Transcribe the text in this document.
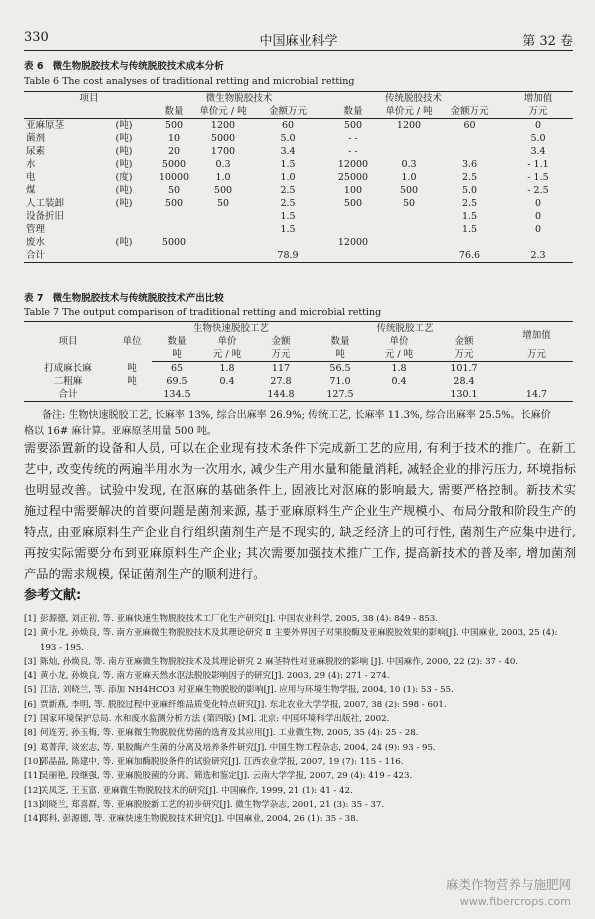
330	中国麻业科学	第 32 卷
表 6 微生物脱胶技术与传统脱胶技术成本分析
Table 6 The cost analyses of traditional retting and microbial retting
项目		微生物脱胶技术			传统脱胶技术			增加值
		数量	单价元 / 吨	金额万元	数量	单价元 / 吨	金额万元	万元
亚麻原茎	(吨)	500	1200	60	500	1200	60	0
菌剂	(吨)	10	5000	5.0	- -			5.0
尿素	(吨)	20	1700	3.4	- -			3.4
水	(吨)	5000	0.3	1.5	12000	0.3	3.6	- 1.1
电	(度)	10000	1.0	1.0	25000	1.0	2.5	- 1.5
煤	(吨)	50	500	2.5	100	500	5.0	- 2.5
人工装卸	(吨)	500	50	2.5	500	50	2.5	0
设备折旧				1.5			1.5	0
管理				1.5			1.5	0
废水	(吨)	5000			12000			
合计				78.9			76.6	2.3
表 7 微生物脱胶技术与传统脱胶技术产出比较
Table 7 The output comparison of traditional retting and microbial retting
项目	单位	生物快速脱胶工艺			传统脱胶工艺			增加值
		数量	单价	金额	数量	单价	金额	
		吨	元 / 吨	万元	吨	元 / 吨	万元	万元
打成麻长麻	吨	65	1.8	117	56.5	1.8	101.7	
二粗麻	吨	69.5	0.4	27.8	71.0	0.4	28.4	
合计		134.5		144.8	127.5		130.1	14.7
备注: 生物快速脱胶工艺, 长麻率 13%, 综合出麻率 26.9%; 传统工艺, 长麻率 11.3%, 综合出麻率 25.5%。长麻价
格以 16# 麻计算。亚麻原茎用量 500 吨。
需要添置新的设备和人员, 可以在企业现有技术条件下完成新工艺的应用, 有利于技术的推广。在新工艺中, 改变传统的两遍半用水为一次用水, 减少生产用水量和能量消耗, 减轻企业的排污压力, 环境指标也明显改善。试验中发现, 在沤麻的基础条件上, 固液比对沤麻的影响最大, 需要严格控制。新技术实施过程中需要解决的首要问题是菌剂来源, 基于亚麻原料生产企业生产规模小、布局分散和阶段生产的特点, 由亚麻原料生产企业自行组织菌剂生产是不现实的, 缺乏经济上的可行性, 菌剂生产应集中进行, 再按实际需要分布到亚麻原料生产企业; 其次需要加强技术推广工作, 提高新技术的普及率, 增加菌剂产品的需求规模, 保证菌剂生产的顺利进行。
参考文献:
[1] 彭源德, 刘正初, 等. 亚麻快速生物脱胶技术工厂化生产研究[J]. 中国农业科学, 2005, 38 (4): 849 - 853.
[2] 黄小龙, 孙焕良, 等. 南方亚麻微生物脱胶技术及其理论研究 Ⅱ 主要外界因子对果胶酶及亚麻脱胶效果的影响[J]. 中国麻业, 2003, 25 (4): 193 - 195.
[3] 陈灿, 孙焕良, 等. 南方亚麻微生物脱胶技术及其理论研究 2 麻茎特性对亚麻脱胶的影响 [J]. 中国麻作, 2000, 22 (2): 37 - 40.
[4] 黄小龙, 孙焕良, 等. 南方亚麻天然水沤法脱胶影响因子的研究[J]. 2003, 29 (4): 271 - 274.
[5] 江洁, 刘晓兰, 等. 添加 NH4HCO3 对亚麻生物脱胶的影响[J]. 应用与环境生物学报, 2004, 10 (1): 53 - 55.
[6] 贾新燕, 李明, 等. 脱胶过程中亚麻纤维品质变化特点研究[J]. 东北农业大学学报, 2007, 38 (2): 598 - 601.
[7] 国家环境保护总局. 水和废水监测分析方法 (第四版) [M]. 北京: 中国环境科学出版社, 2002.
[8] 何连芳, 孙玉梅, 等. 亚麻微生物脱胶优势菌的选育及其应用[J]. 工业微生物, 2005, 35 (4): 25 - 28.
[9] 葛菁萍, 谈宏志, 等. 果胶酶产生菌的分离及培养条件研究[J]. 中国生物工程杂志, 2004, 24 (9): 93 - 95.
[10]
郭晶晶, 陈建中, 等. 亚麻加酶脱胶条件的试验研究[J]. 江西农业学报, 2007, 19 (7): 115 - 116.
[11]
吴丽艳, 段继强, 等. 亚麻脱胶菌的分离、筛选和鉴定[J]. 云南大学学报, 2007, 29 (4): 419 - 423.
[12]
关凤芝, 王玉富. 亚麻微生物脱胶技术的研究[J]. 中国麻作, 1999, 21 (1): 41 - 42.
[13]
刘晓兰, 郑喜群, 等. 亚麻脱胶新工艺的初步研究[J]. 微生物学杂志, 2001, 21 (3): 35 - 37.
[14]
郑科, 彭源德, 等. 亚麻快速生物脱胶技术研究[J]. 中国麻业, 2004, 26 (1): 35 - 38.
麻类作物营养与施肥网
www.fibercrops.com
